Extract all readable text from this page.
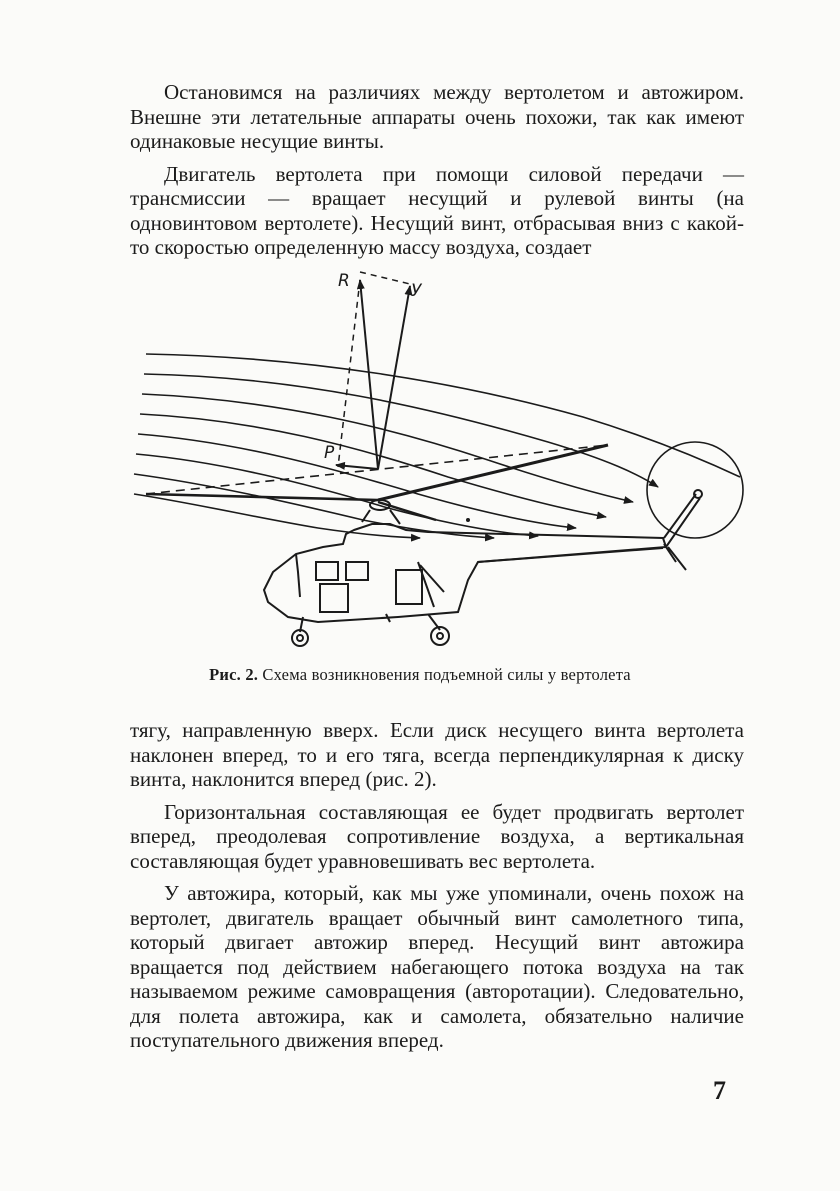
Остановимся на различиях между вертолетом и автожиром. Внешне эти летательные аппараты очень похожи, так как имеют одинаковые несущие винты.

Двигатель вертолета при помощи силовой передачи — трансмиссии — вращает несущий и рулевой винты (на одновинтовом вертолете). Несущий винт, отбрасывая вниз с какой-то скоростью определенную массу воздуха, создает

R	У
P
Рис. 2. Схема возникновения подъемной силы у вертолета

тягу, направленную вверх. Если диск несущего винта вертолета наклонен вперед, то и его тяга, всегда перпендикулярная к диску винта, наклонится вперед (рис. 2).

Горизонтальная составляющая ее будет продвигать вертолет вперед, преодолевая сопротивление воздуха, а вертикальная составляющая будет уравновешивать вес вертолета.

У автожира, который, как мы уже упоминали, очень похож на вертолет, двигатель вращает обычный винт самолетного типа, который двигает автожир вперед. Несущий винт автожира вращается под действием набегающего потока воздуха на так называемом режиме самовращения (авторотации). Следовательно, для полета автожира, как и самолета, обязательно наличие поступательного движения вперед.

7
